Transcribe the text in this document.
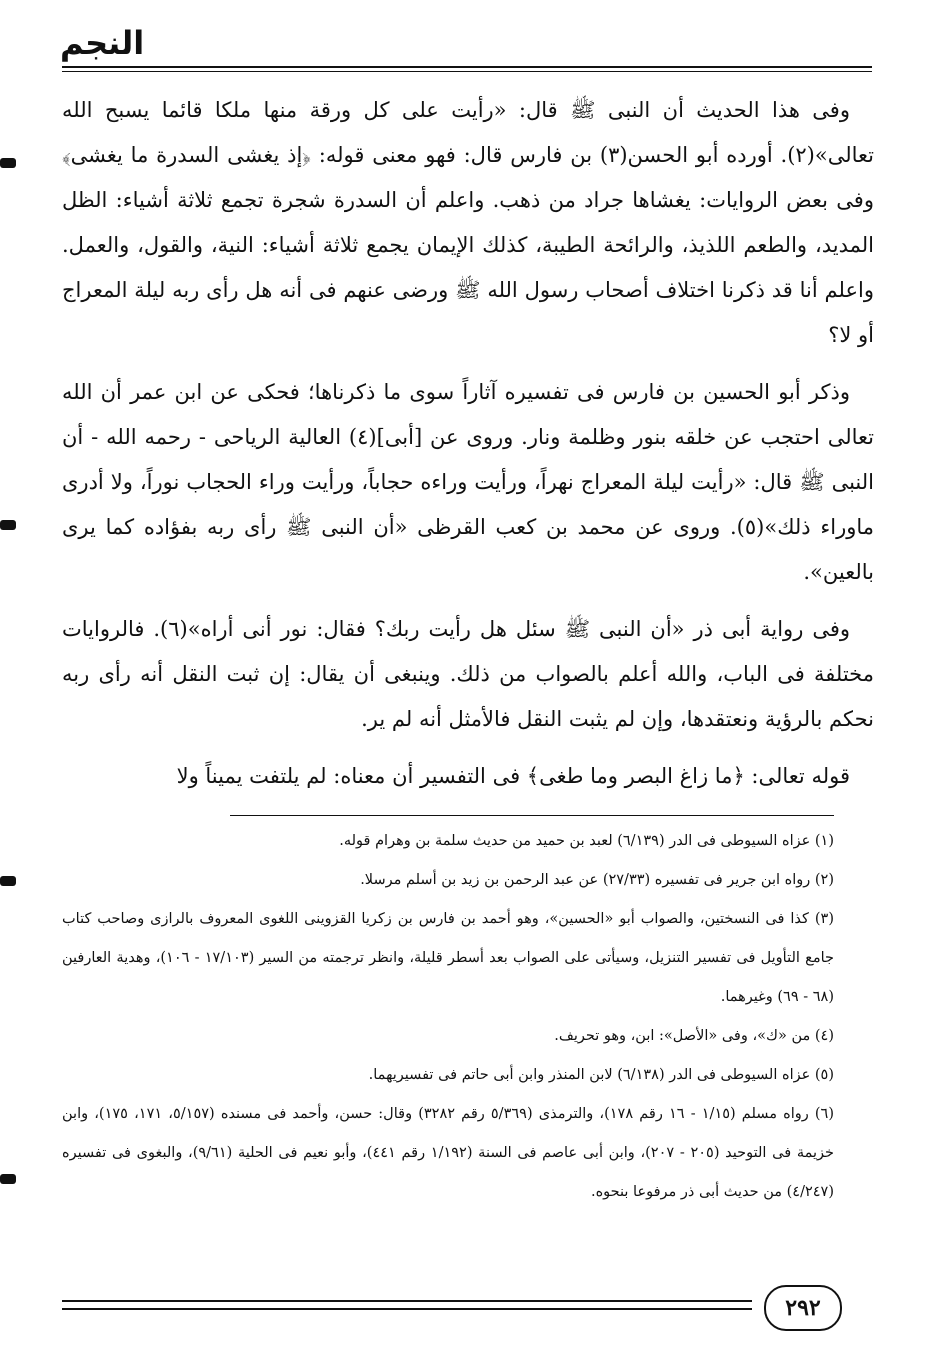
النجم

وفى هذا الحديث أن النبى ﷺ قال: «رأيت على كل ورقة منها ملكا قائما يسبح الله تعالى»(٢). أورده أبو الحسن(٣) بن فارس قال: فهو معنى قوله: ﴿إذ يغشى السدرة ما يغشى﴾ وفى بعض الروايات: يغشاها جراد من ذهب. واعلم أن السدرة شجرة تجمع ثلاثة أشياء: الظل المديد، والطعم اللذيذ، والرائحة الطيبة، كذلك الإيمان يجمع ثلاثة أشياء: النية، والقول، والعمل. واعلم أنا قد ذكرنا اختلاف أصحاب رسول الله ﷺ ورضى عنهم فى أنه هل رأى ربه ليلة المعراج أو لا؟

وذكر أبو الحسين بن فارس فى تفسيره آثاراً سوى ما ذكرناها؛ فحكى عن ابن عمر أن الله تعالى احتجب عن خلقه بنور وظلمة ونار. وروى عن [أبى](٤) العالية الرياحى - رحمه الله - أن النبى ﷺ قال: «رأيت ليلة المعراج نهراً، ورأيت وراءه حجاباً، ورأيت وراء الحجاب نوراً، ولا أدرى ماوراء ذلك»(٥). وروى عن محمد بن كعب القرظى «أن النبى ﷺ رأى ربه بفؤاده كما يرى بالعين».

وفى رواية أبى ذر «أن النبى ﷺ سئل هل رأيت ربك؟ فقال: نور أنى أراه»(٦). فالروايات مختلفة فى الباب، والله أعلم بالصواب من ذلك. وينبغى أن يقال: إن ثبت النقل أنه رأى ربه نحكم بالرؤية ونعتقدها، وإن لم يثبت النقل فالأمثل أنه لم ير.

قوله تعالى: ﴿ما زاغ البصر وما طغى﴾ فى التفسير أن معناه: لم يلتفت يميناً ولا

(١) عزاه السيوطى فى الدر (٦/١٣٩) لعبد بن حميد من حديث سلمة بن وهرام قوله.

(٢) رواه ابن جرير فى تفسيره (٢٧/٣٣) عن عبد الرحمن بن زيد بن أسلم مرسلا.

(٣) كذا فى النسختين، والصواب أبو «الحسين»، وهو أحمد بن فارس بن زكريا القزوينى اللغوى المعروف بالرازى وصاحب كتاب جامع التأويل فى تفسير التنزيل، وسيأتى على الصواب بعد أسطر قليلة، وانظر ترجمته من السير (١٧/١٠٣ - ١٠٦)، وهدية العارفين (٦٨ - ٦٩) وغيرهما.

(٤) من «ك»، وفى «الأصل»: ابن، وهو تحريف.

(٥) عزاه السيوطى فى الدر (٦/١٣٨) لابن المنذر وابن أبى حاتم فى تفسيريهما.

(٦) رواه مسلم (١/١٥ - ١٦ رقم ١٧٨)، والترمذى (٥/٣٦٩ رقم ٣٢٨٢) وقال: حسن، وأحمد فى مسنده (٥/١٥٧، ١٧١، ١٧٥)، وابن خزيمة فى التوحيد (٢٠٥ - ٢٠٧)، وابن أبى عاصم فى السنة (١/١٩٢ رقم ٤٤١)، وأبو نعيم فى الحلية (٩/٦١)، والبغوى فى تفسيره (٤/٢٤٧) من حديث أبى ذر مرفوعا بنحوه.

٢٩٢
